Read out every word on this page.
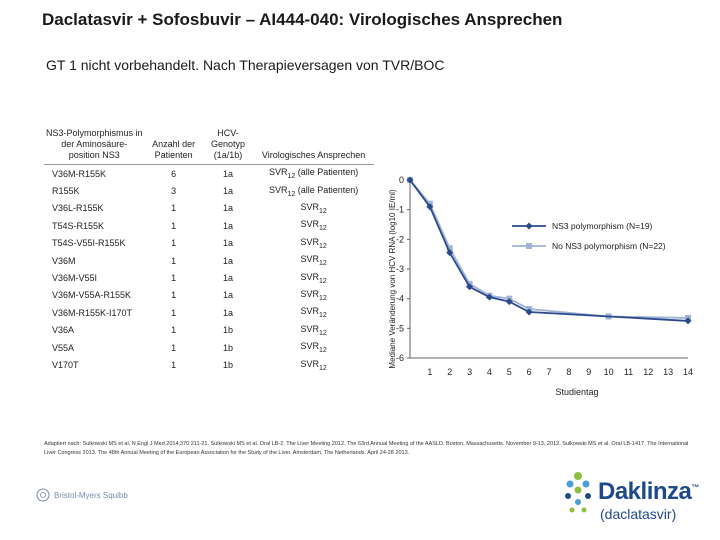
Daclatasvir + Sofosbuvir – AI444-040: Virologisches Ansprechen
GT 1 nicht vorbehandelt. Nach Therapieversagen von TVR/BOC
NS3-Polymorphismus in der Aminosäure-position NS3	Anzahl der Patienten	HCV-Genotyp (1a/1b)	Virologisches Ansprechen
V36M-R155K	6	1a	$SVR_{12}$ (alle Patienten)
R155K	3	1a	$SVR_{12}$ (alle Patienten)
V36L-R155K	1	1a	$SVR_{12}$
T54S-R155K	1	1a	$SVR_{12}$
T54S-V55I-R155K	1	1a	$SVR_{12}$
V36M	1	1a	$SVR_{12}$
V36M-V55I	1	1a	$SVR_{12}$
V36M-V55A-R155K	1	1a	$SVR_{12}$
V36M-R155K-I170T	1	1a	$SVR_{12}$
V36A	1	1b	$SVR_{12}$
V55A	1	1b	$SVR_{12}$
V170T	1	1b	$SVR_{12}$
0
-1
-2
-3
-4
-5
-6
1 2 3 4 5 6 7 8 9 10 11 12 13 14
Studientag
Mediane Veränderung von HCV RNA (log10 IE/ml)	NS3 polymorphism (N=19)
No NS3 polymorphism (N=22)
Adaptiert nach: Sulkowski MS et al. N Engl J Med 2014;370:211-21. Sulkowski MS et al. Oral LB-2. The Liver Meeting 2012. The 63rd Annual Meeting of the AASLD. Boston, Massachusetts. November 9-13, 2012. Sulkowski MS et al. Oral LB-1417. The International Liver Congress 2013. The 48th Annual Meeting of the European Association for the Study of the Liver. Amsterdam, The Netherlands. April 24-28 2013.
Bristol-Myers Squibb	Daklinza™
(daclatasvir)
